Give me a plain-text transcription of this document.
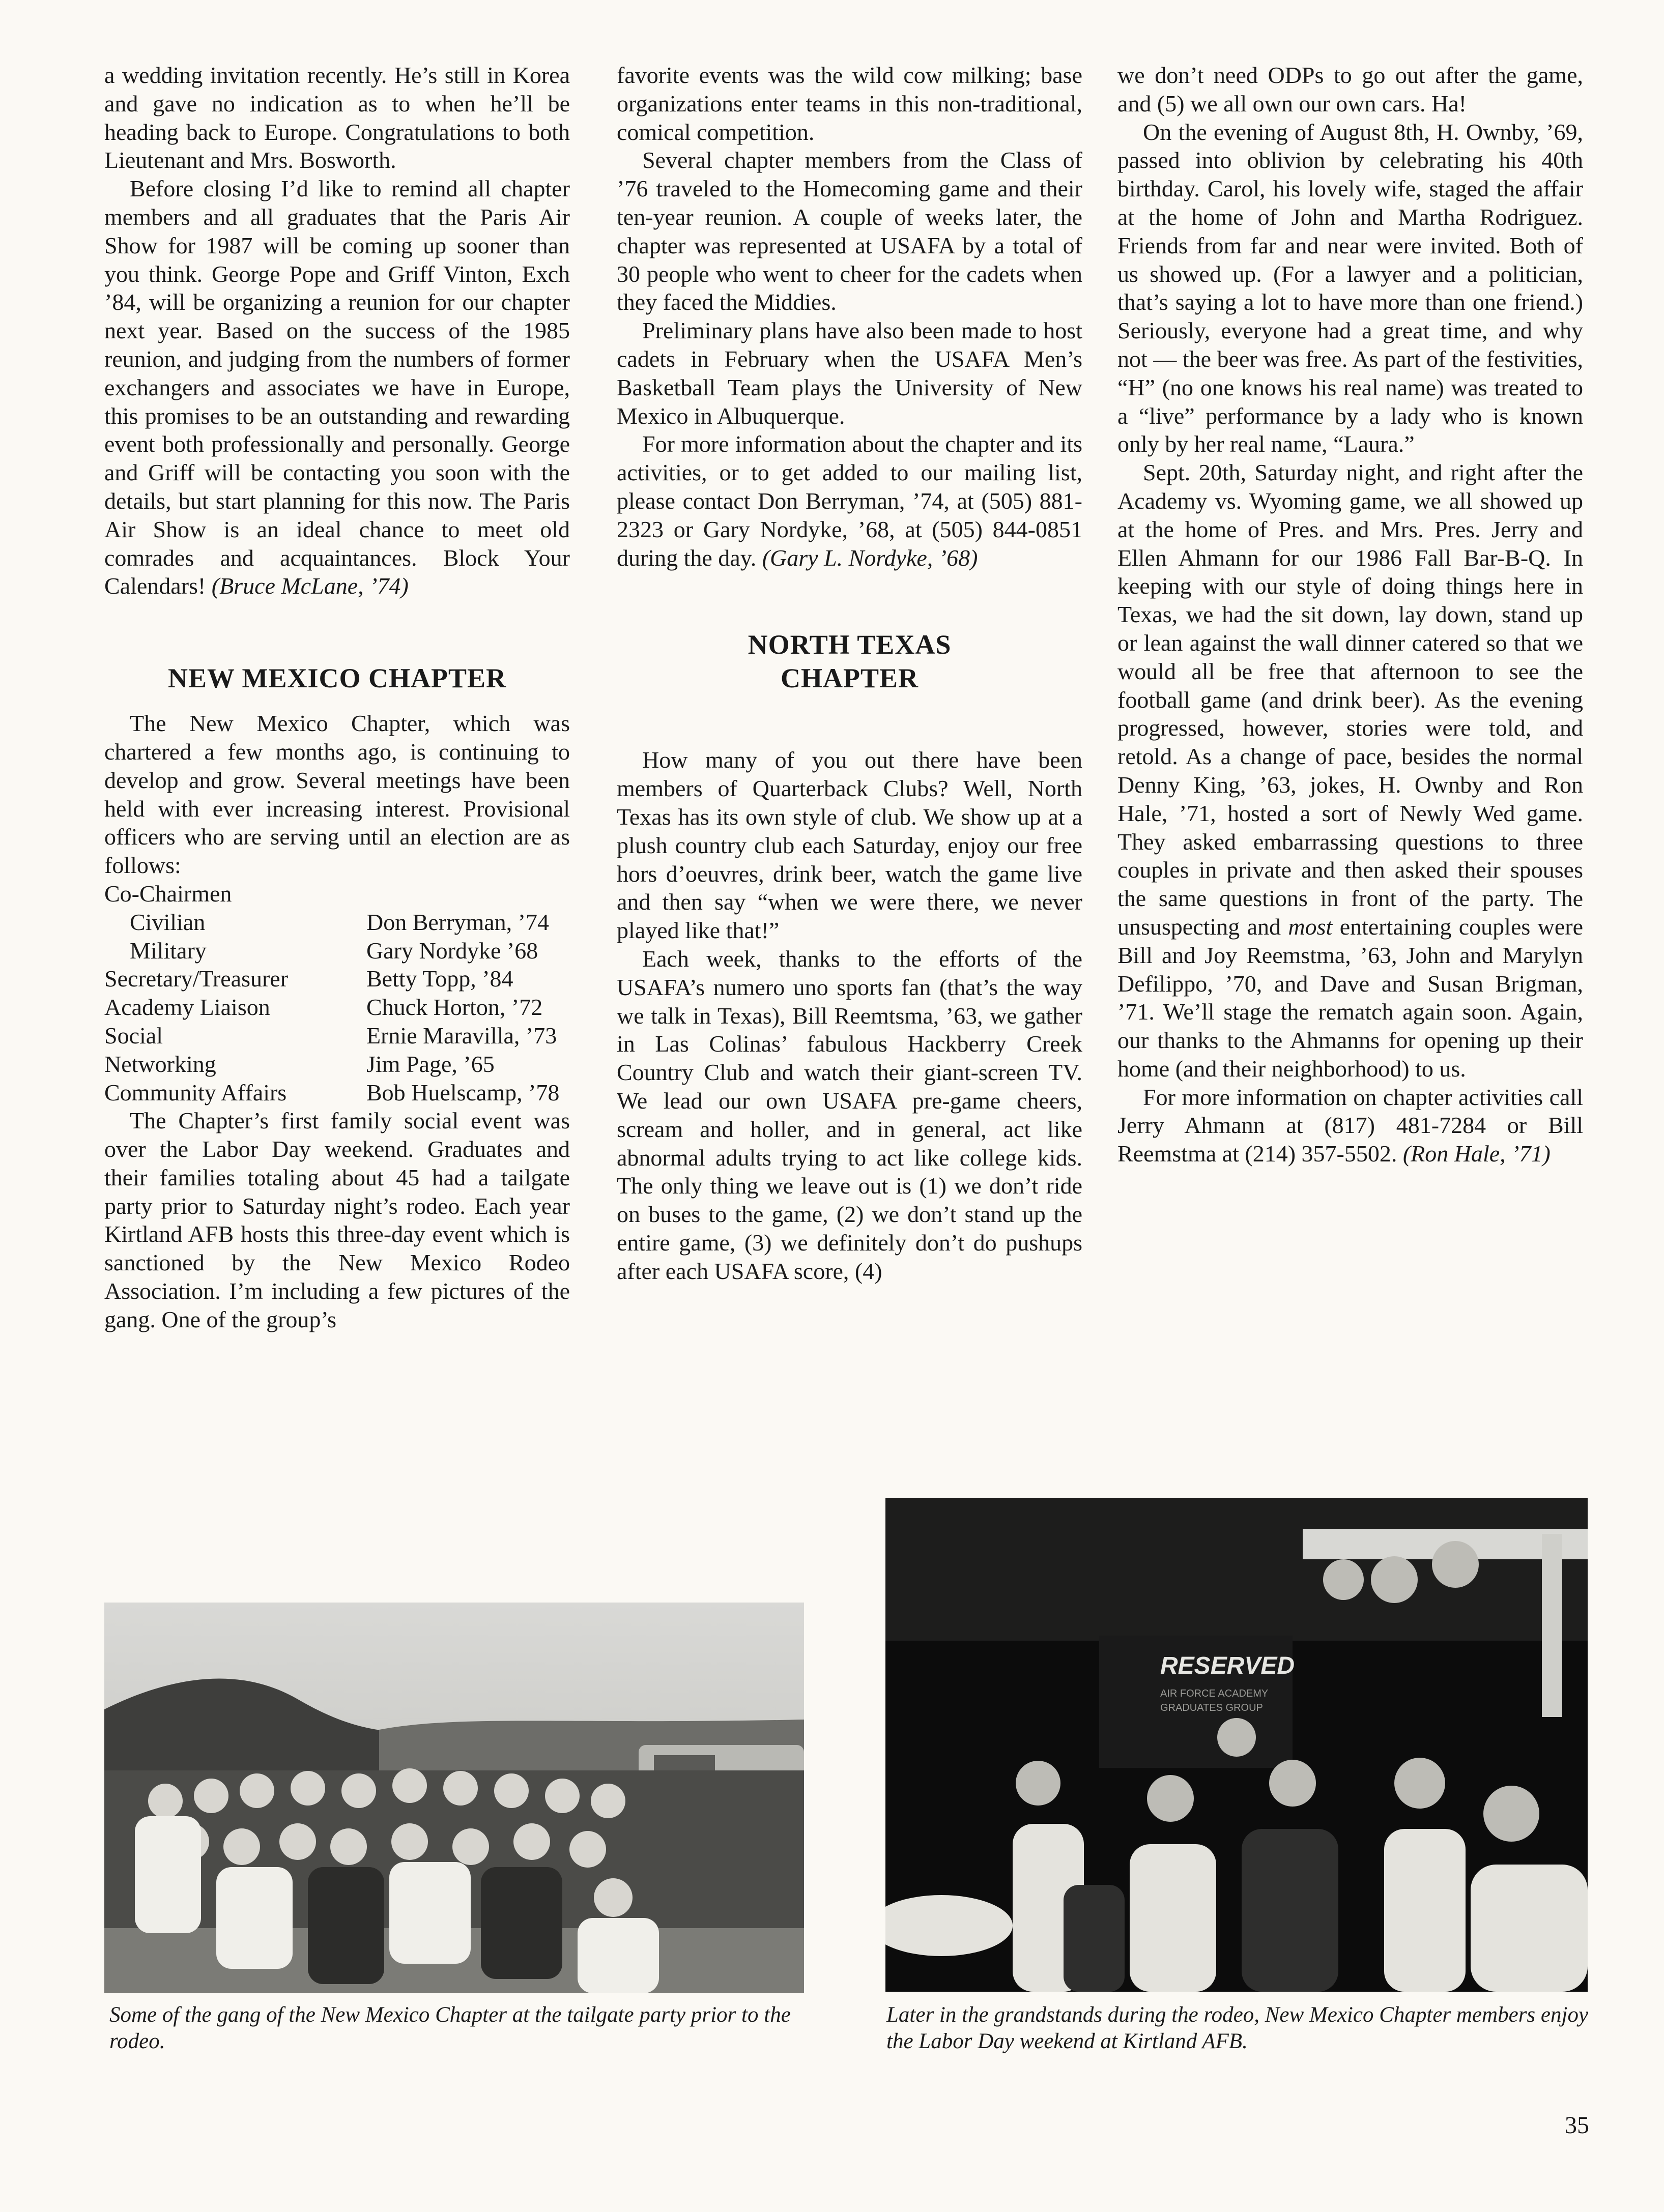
a wedding invitation recently. He’s still in Korea and gave no indication as to when he’ll be heading back to Europe. Congratulations to both Lieutenant and Mrs. Bosworth.

Before closing I’d like to remind all chapter members and all graduates that the Paris Air Show for 1987 will be coming up sooner than you think. George Pope and Griff Vinton, Exch ’84, will be organizing a reunion for our chapter next year. Based on the success of the 1985 reunion, and judging from the numbers of former exchangers and associates we have in Europe, this promises to be an outstanding and rewarding event both professionally and personally. George and Griff will be contacting you soon with the details, but start planning for this now. The Paris Air Show is an ideal chance to meet old comrades and acquaintances. Block Your Calendars! (Bruce McLane, ’74)

NEW MEXICO CHAPTER

The New Mexico Chapter, which was chartered a few months ago, is continuing to develop and grow. Several meetings have been held with ever increasing interest. Provisional officers who are serving until an election are as follows:

Co-Chairmen
Civilian	Don Berryman, ’74
Military	Gary Nordyke ’68
Secretary/Treasurer	Betty Topp, ’84
Academy Liaison	Chuck Horton, ’72
Social	Ernie Maravilla, ’73
Networking	Jim Page, ’65
Community Affairs	Bob Huelscamp, ’78

The Chapter’s first family social event was over the Labor Day weekend. Graduates and their families totaling about 45 had a tailgate party prior to Saturday night’s rodeo. Each year Kirtland AFB hosts this three-day event which is sanctioned by the New Mexico Rodeo Association. I’m including a few pictures of the gang. One of the group’s

favorite events was the wild cow milking; base organizations enter teams in this non-traditional, comical competition.

Several chapter members from the Class of ’76 traveled to the Homecoming game and their ten-year reunion. A couple of weeks later, the chapter was represented at USAFA by a total of 30 people who went to cheer for the cadets when they faced the Middies.

Preliminary plans have also been made to host cadets in February when the USAFA Men’s Basketball Team plays the University of New Mexico in Albuquerque.

For more information about the chapter and its activities, or to get added to our mailing list, please contact Don Berryman, ’74, at (505) 881-2323 or Gary Nordyke, ’68, at (505) 844-0851 during the day. (Gary L. Nordyke, ’68)

NORTH TEXAS
CHAPTER

How many of you out there have been members of Quarterback Clubs? Well, North Texas has its own style of club. We show up at a plush country club each Saturday, enjoy our free hors d’oeuvres, drink beer, watch the game live and then say “when we were there, we never played like that!”

Each week, thanks to the efforts of the USAFA’s numero uno sports fan (that’s the way we talk in Texas), Bill Reemtsma, ’63, we gather in Las Colinas’ fabulous Hackberry Creek Country Club and watch their giant-screen TV. We lead our own USAFA pre-game cheers, scream and holler, and in general, act like abnormal adults trying to act like college kids. The only thing we leave out is (1) we don’t ride on buses to the game, (2) we don’t stand up the entire game, (3) we definitely don’t do pushups after each USAFA score, (4)

we don’t need ODPs to go out after the game, and (5) we all own our own cars. Ha!

On the evening of August 8th, H. Ownby, ’69, passed into oblivion by celebrating his 40th birthday. Carol, his lovely wife, staged the affair at the home of John and Martha Rodriguez. Friends from far and near were invited. Both of us showed up. (For a lawyer and a politician, that’s saying a lot to have more than one friend.) Seriously, everyone had a great time, and why not — the beer was free. As part of the festivities, “H” (no one knows his real name) was treated to a “live” performance by a lady who is known only by her real name, “Laura.”

Sept. 20th, Saturday night, and right after the Academy vs. Wyoming game, we all showed up at the home of Pres. and Mrs. Pres. Jerry and Ellen Ahmann for our 1986 Fall Bar-B-Q. In keeping with our style of doing things here in Texas, we had the sit down, lay down, stand up or lean against the wall dinner catered so that we would all be free that afternoon to see the football game (and drink beer). As the evening progressed, however, stories were told, and retold. As a change of pace, besides the normal Denny King, ’63, jokes, H. Ownby and Ron Hale, ’71, hosted a sort of Newly Wed game. They asked embarrassing questions to three couples in private and then asked their spouses the same questions in front of the party. The unsuspecting and most entertaining couples were Bill and Joy Reemstma, ’63, John and Marylyn Defilippo, ’70, and Dave and Susan Brigman, ’71. We’ll stage the rematch again soon. Again, our thanks to the Ahmanns for opening up their home (and their neighborhood) to us.

For more information on chapter activities call Jerry Ahmann at (817) 481-7284 or Bill Reemstma at (214) 357-5502. (Ron Hale, ’71)

RESERVED
AIR FORCE ACADEMY
GRADUATES GROUP
Some of the gang of the New Mexico Chapter at the tailgate party prior to the rodeo.
Later in the grandstands during the rodeo, New Mexico Chapter members enjoy the Labor Day weekend at Kirtland AFB.
35
